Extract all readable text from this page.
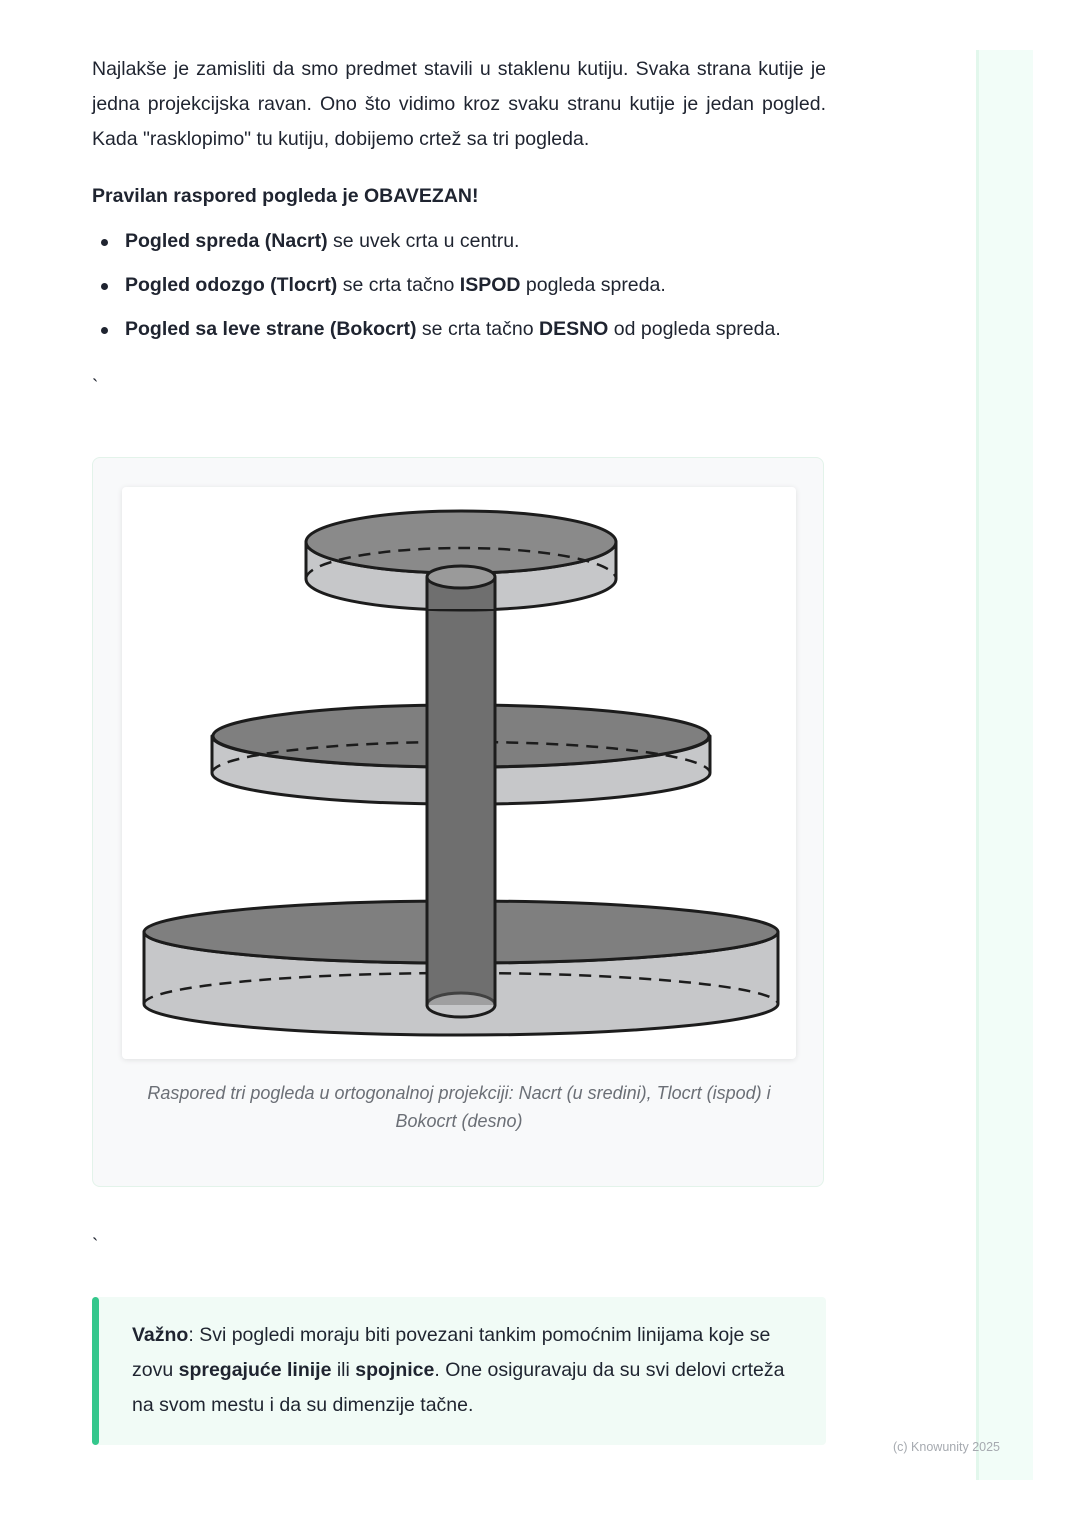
Najlakše je zamisliti da smo predmet stavili u staklenu kutiju. Svaka strana kutije je jedna projekcijska ravan. Ono što vidimo kroz svaku stranu kutije je jedan pogled. Kada "rasklopimo" tu kutiju, dobijemo crtež sa tri pogleda.

Pravilan raspored pogleda je OBAVEZAN!

Pogled spreda (Nacrt) se uvek crta u centru.
Pogled odozgo (Tlocrt) se crta tačno ISPOD pogleda spreda.
Pogled sa leve strane (Bokocrt) se crta tačno DESNO od pogleda spreda.
`
Raspored tri pogleda u ortogonalnoj projekciji: Nacrt (u sredini), Tlocrt (ispod) i Bokocrt (desno)
`

Važno: Svi pogledi moraju biti povezani tankim pomoćnim linijama koje se zovu spregajuće linije ili spojnice. One osiguravaju da su svi delovi crteža na svom mestu i da su dimenzije tačne.

(c) Knowunity 2025
